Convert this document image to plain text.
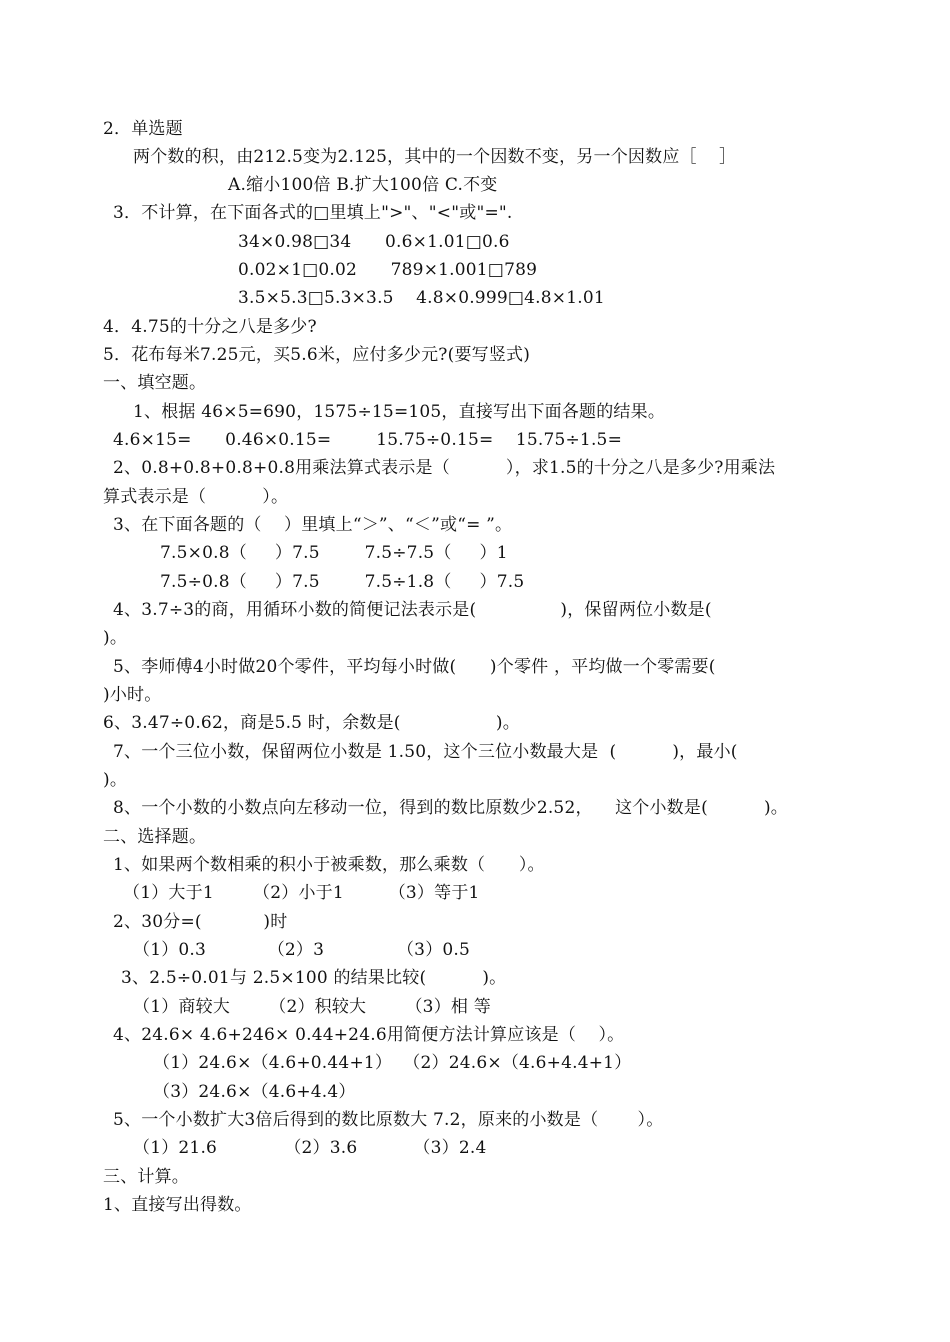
2．单选题
两个数的积，由212.5变为2.125，其中的一个因数不变，另一个因数应［    ］
A.缩小100倍 B.扩大100倍 C.不变
3．不计算，在下面各式的□里填上">"、"<"或"=".
34×0.98□34      0.6×1.01□0.6
0.02×1□0.02      789×1.001□789
3.5×5.3□5.3×3.5    4.8×0.999□4.8×1.01
4．4.75的十分之八是多少?
5．花布每米7.25元，买5.6米，应付多少元?(要写竖式)
一、填空题。
1、根据 46×5=690，1575÷15=105，直接写出下面各题的结果。
4.6×15=      0.46×0.15=        15.75÷0.15=    15.75÷1.5=
2、0.8+0.8+0.8+0.8用乘法算式表示是（          ），求1.5的十分之八是多少?用乘法
算式表示是（          ）。
3、在下面各题的（    ）里填上“＞”、“＜”或“= ”。
7.5×0.8（     ）7.5        7.5÷7.5（     ）1
7.5÷0.8（     ）7.5        7.5÷1.8（     ）7.5
4、3.7÷3的商，用循环小数的简便记法表示是(               )，保留两位小数是(
)。
5、李师傅4小时做20个零件，平均每小时做(      )个零件 ，平均做一个零需要(
)小时。
6、3.47÷0.62，商是5.5 时，余数是(                 )。
7、一个三位小数，保留两位小数是 1.50，这个三位小数最大是  (          )，最小(
)。
8、一个小数的小数点向左移动一位，得到的数比原数少2.52，    这个小数是(          )。
二、选择题。
1、如果两个数相乘的积小于被乘数，那么乘数（      ）。
（1）大于1       （2）小于1        （3）等于1
2、30分=(           )时
（1）0.3           （2）3             （3）0.5
3、2.5÷0.01与 2.5×100 的结果比较(          )。
（1）商较大       （2）积较大       （3）相 等
4、24.6× 4.6+246× 0.44+24.6用简便方法计算应该是（    ）。
（1）24.6×（4.6+0.44+1）  （2）24.6×（4.6+4.4+1）
（3）24.6×（4.6+4.4）
5、一个小数扩大3倍后得到的数比原数大 7.2，原来的小数是（       ）。
（1）21.6            （2）3.6          （3）2.4
三、计算。
1、直接写出得数。
